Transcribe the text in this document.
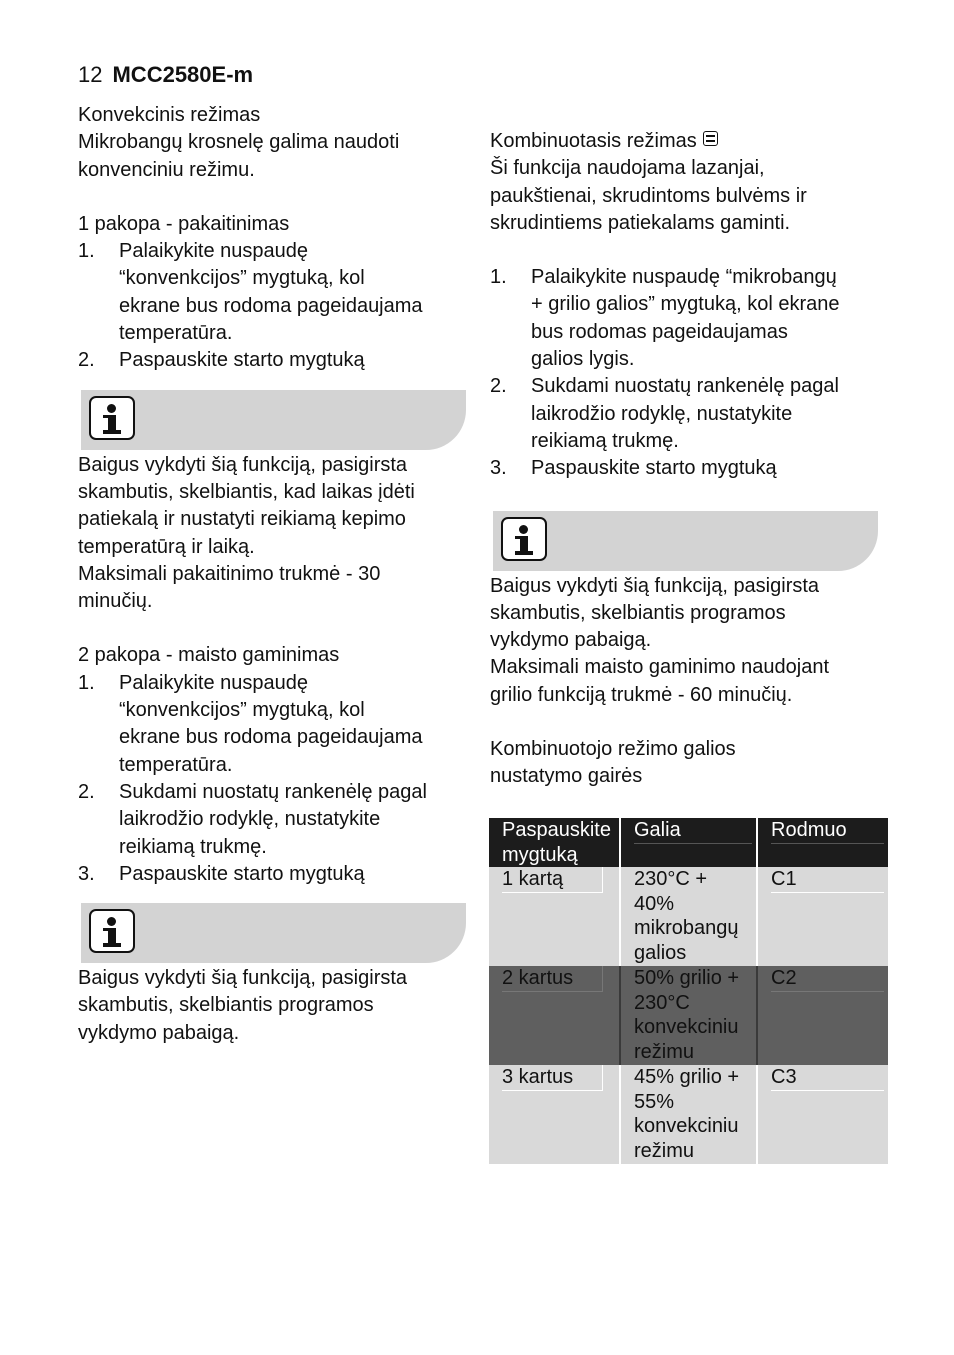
12 MCC2580E-m

Konvekcinis režimas

Mikrobangų krosnelę galima naudoti

konvenciniu režimu.

1 pakopa - pakaitinimas

1. Palaikykite nuspaudę
“konvenkcijos” mygtuką, kol
ekrane bus rodoma pageidaujama
temperatūra.
2. Paspauskite starto mygtuką

Baigus vykdyti šią funkciją, pasigirsta

skambutis, skelbiantis, kad laikas įdėti

patiekalą ir nustatyti reikiamą kepimo

temperatūrą ir laiką.

Maksimali pakaitinimo trukmė - 30

minučių.

2 pakopa - maisto gaminimas

1. Palaikykite nuspaudę
“konvenkcijos” mygtuką, kol
ekrane bus rodoma pageidaujama
temperatūra.
2. Sukdami nuostatų rankenėlę pagal
laikrodžio rodyklę, nustatykite
reikiamą trukmę.
3. Paspauskite starto mygtuką

Baigus vykdyti šią funkciją, pasigirsta

skambutis, skelbiantis programos

vykdymo pabaigą.

Kombinuotasis režimas

Ši funkcija naudojama lazanjai,

paukštienai, skrudintoms bulvėms ir

skrudintiems patiekalams gaminti.

1. Palaikykite nuspaudę “mikrobangų
+ grilio galios” mygtuką, kol ekrane
bus rodomas pageidaujamas
galios lygis.
2. Sukdami nuostatų rankenėlę pagal
laikrodžio rodyklę, nustatykite
reikiamą trukmę.
3. Paspauskite starto mygtuką

Baigus vykdyti šią funkciją, pasigirsta

skambutis, skelbiantis programos

vykdymo pabaigą.

Maksimali maisto gaminimo naudojant

grilio funkciją trukmė - 60 minučių.

Kombinuotojo režimo galios

nustatymo gairės

Paspauskite
mygtuką	Galia	Rodmuo

1 kartą	230°C +
40%
mikrobangų
galios	C1

2 kartus	50% grilio +
230°C
konvekciniu
režimu	C2

3 kartus	45% grilio +
55%
konvekciniu
režimu	C3
